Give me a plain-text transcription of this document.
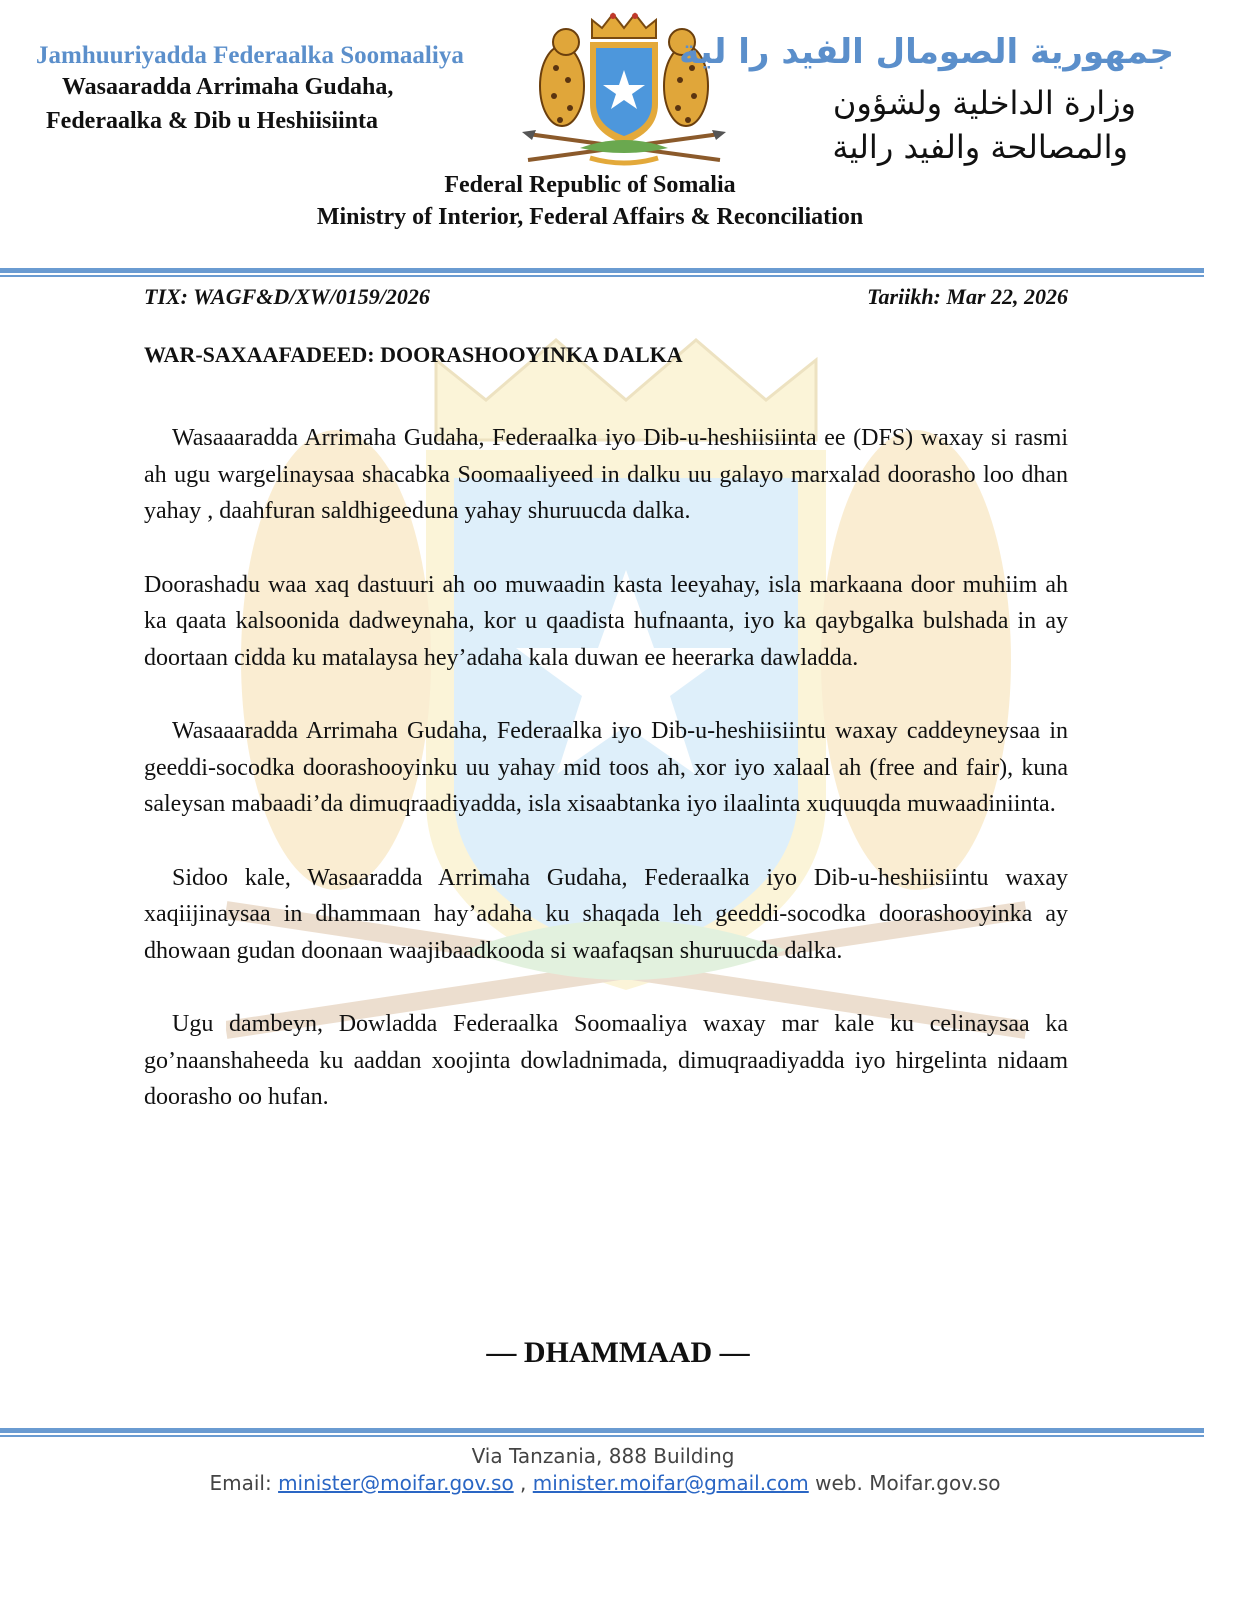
Jamhuuriyadda Federaalka Soomaaliya
Wasaaradda Arrimaha Gudaha,
Federaalka & Dib u Heshiisiinta
جمهورية الصومال الفيد را لية
وزارة الداخلية ولشؤون
والمصالحة والفيد رالية
Federal Republic of Somalia
Ministry of Interior, Federal Affairs & Reconciliation
TIX: WAGF&D/XW/0159/2026	Tariikh: Mar 22, 2026
WAR-SAXAAFADEED: DOORASHOOYINKA DALKA

Wasaaaradda Arrimaha Gudaha, Federaalka iyo Dib-u-heshiisiinta ee (DFS) waxay si rasmi ah ugu wargelinaysaa shacabka Soomaaliyeed in dalku uu galayo marxalad doorasho loo dhan yahay , daahfuran saldhigeeduna yahay shuruucda dalka.

Doorashadu waa xaq dastuuri ah oo muwaadin kasta leeyahay, isla markaana door muhiim ah ka qaata kalsoonida dadweynaha, kor u qaadista hufnaanta, iyo ka qaybgalka bulshada in ay doortaan cidda ku matalaysa hey’adaha kala duwan ee heerarka dawladda.

Wasaaaradda Arrimaha Gudaha, Federaalka iyo Dib-u-heshiisiintu waxay caddeyneysaa in geeddi-socodka doorashooyinku uu yahay mid toos ah, xor iyo xalaal ah (free and fair), kuna saleysan mabaadi’da dimuqraadiyadda, isla xisaabtanka iyo ilaalinta xuquuqda muwaadiniinta.

Sidoo kale, Wasaaradda Arrimaha Gudaha, Federaalka iyo Dib-u-heshiisiintu waxay xaqiijinaysaa in dhammaan hay’adaha ku shaqada leh geeddi-socodka doorashooyinka ay dhowaan gudan doonaan waajibaadkooda si waafaqsan shuruucda dalka.

Ugu dambeyn, Dowladda Federaalka Soomaaliya waxay mar kale ku celinaysaa ka go’naanshaheeda ku aaddan xoojinta dowladnimada, dimuqraadiyadda iyo hirgelinta nidaam doorasho oo hufan.

— DHAMMAAD —
Via Tanzania, 888 Building
Email: minister@moifar.gov.so , minister.moifar@gmail.com web. Moifar.gov.so
